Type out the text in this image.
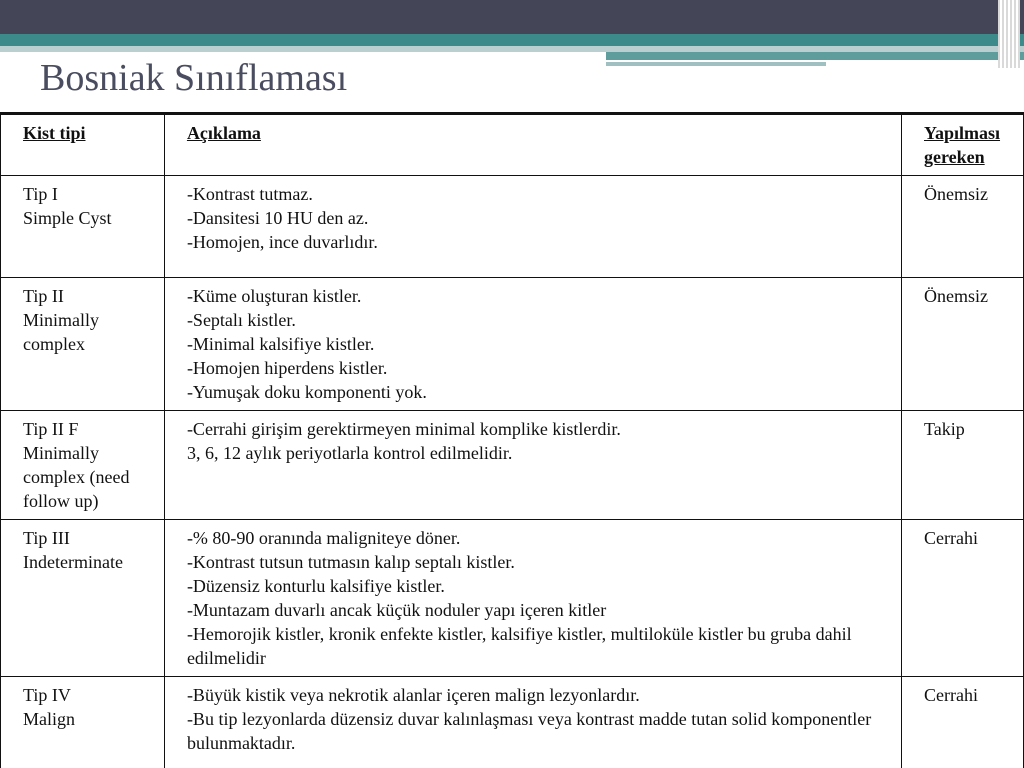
Bosniak Sınıflaması
Kist tipi	Açıklama	Yapılması gereken

Tip I
Simple Cyst	-Kontrast tutmaz.
-Dansitesi 10 HU den az.
-Homojen, ince duvarlıdır.	Önemsiz

Tip II
Minimally complex	-Küme oluşturan kistler.
-Septalı kistler.
-Minimal kalsifiye kistler.
-Homojen hiperdens kistler.
-Yumuşak doku komponenti yok.	Önemsiz

Tip II F
Minimally complex (need follow up)	-Cerrahi girişim gerektirmeyen minimal komplike kistlerdir.
3, 6, 12 aylık periyotlarla kontrol edilmelidir.	Takip

Tip III
Indeterminate	-% 80-90 oranında maligniteye döner.
-Kontrast tutsun tutmasın kalıp septalı kistler.
-Düzensiz konturlu kalsifiye kistler.
-Muntazam duvarlı ancak küçük noduler yapı içeren kitler
-Hemorojik kistler, kronik enfekte kistler, kalsifiye kistler, multiloküle kistler bu gruba dahil edilmelidir	Cerrahi

Tip IV
Malign	-Büyük kistik veya nekrotik alanlar içeren malign lezyonlardır.
-Bu tip lezyonlarda düzensiz duvar kalınlaşması veya kontrast madde tutan solid komponentler bulunmaktadır.	Cerrahi
